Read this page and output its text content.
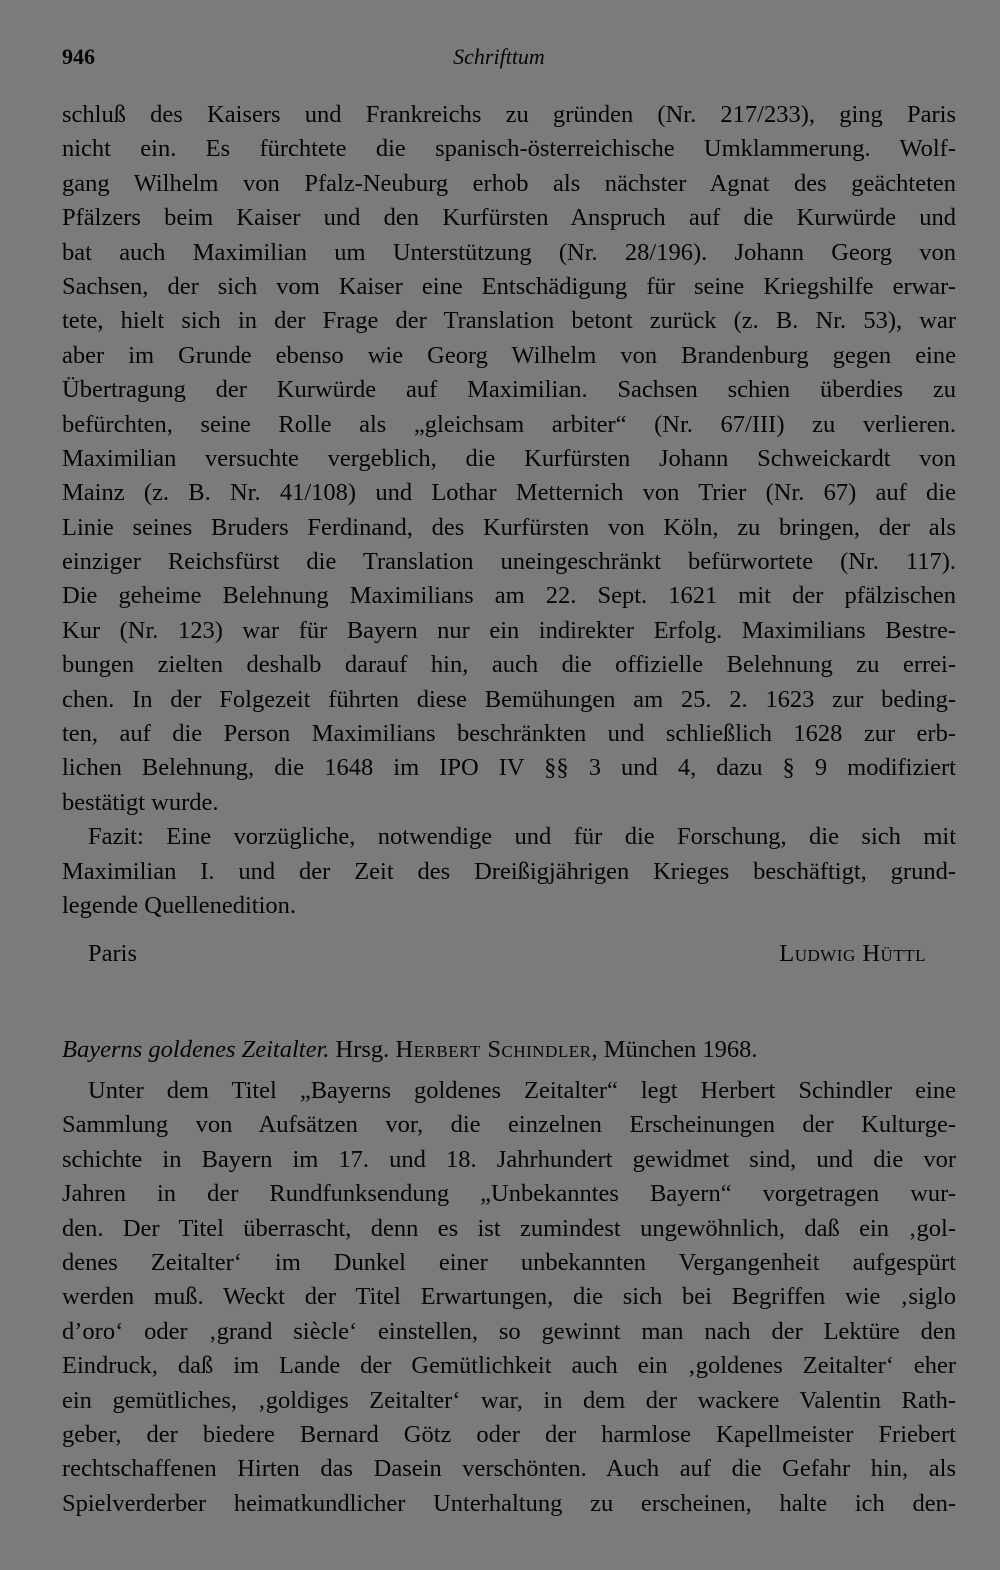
946	Schrifttum
schluß des Kaisers und Frankreichs zu gründen (Nr. 217/233), ging Paris
nicht ein. Es fürchtete die spanisch-österreichische Umklammerung. Wolf-
gang Wilhelm von Pfalz-Neuburg erhob als nächster Agnat des geächteten
Pfälzers beim Kaiser und den Kurfürsten Anspruch auf die Kurwürde und
bat auch Maximilian um Unterstützung (Nr. 28/196). Johann Georg von
Sachsen, der sich vom Kaiser eine Entschädigung für seine Kriegshilfe erwar-
tete, hielt sich in der Frage der Translation betont zurück (z. B. Nr. 53), war
aber im Grunde ebenso wie Georg Wilhelm von Brandenburg gegen eine
Übertragung der Kurwürde auf Maximilian. Sachsen schien überdies zu
befürchten, seine Rolle als „gleichsam arbiter“ (Nr. 67/III) zu verlieren.
Maximilian versuchte vergeblich, die Kurfürsten Johann Schweickardt von
Mainz (z. B. Nr. 41/108) und Lothar Metternich von Trier (Nr. 67) auf die
Linie seines Bruders Ferdinand, des Kurfürsten von Köln, zu bringen, der als
einziger Reichsfürst die Translation uneingeschränkt befürwortete (Nr. 117).
Die geheime Belehnung Maximilians am 22. Sept. 1621 mit der pfälzischen
Kur (Nr. 123) war für Bayern nur ein indirekter Erfolg. Maximilians Bestre-
bungen zielten deshalb darauf hin, auch die offizielle Belehnung zu errei-
chen. In der Folgezeit führten diese Bemühungen am 25. 2. 1623 zur beding-
ten, auf die Person Maximilians beschränkten und schließlich 1628 zur erb-
lichen Belehnung, die 1648 im IPO IV §§ 3 und 4, dazu § 9 modifiziert
bestätigt wurde.
Fazit: Eine vorzügliche, notwendige und für die Forschung, die sich mit
Maximilian I. und der Zeit des Dreißigjährigen Krieges beschäftigt, grund-
legende Quellenedition.
Paris	Ludwig Hüttl
Bayerns goldenes Zeitalter. Hrsg. Herbert Schindler, München 1968.
Unter dem Titel „Bayerns goldenes Zeitalter“ legt Herbert Schindler eine
Sammlung von Aufsätzen vor, die einzelnen Erscheinungen der Kulturge-
schichte in Bayern im 17. und 18. Jahrhundert gewidmet sind, und die vor
Jahren in der Rundfunksendung „Unbekanntes Bayern“ vorgetragen wur-
den. Der Titel überrascht, denn es ist zumindest ungewöhnlich, daß ein ‚gol-
denes Zeitalter‘ im Dunkel einer unbekannten Vergangenheit aufgespürt
werden muß. Weckt der Titel Erwartungen, die sich bei Begriffen wie ‚siglo
d’oro‘ oder ‚grand siècle‘ einstellen, so gewinnt man nach der Lektüre den
Eindruck, daß im Lande der Gemütlichkeit auch ein ‚goldenes Zeitalter‘ eher
ein gemütliches, ‚goldiges Zeitalter‘ war, in dem der wackere Valentin Rath-
geber, der biedere Bernard Götz oder der harmlose Kapellmeister Friebert
rechtschaffenen Hirten das Dasein verschönten. Auch auf die Gefahr hin, als
Spielverderber heimatkundlicher Unterhaltung zu erscheinen, halte ich den-
